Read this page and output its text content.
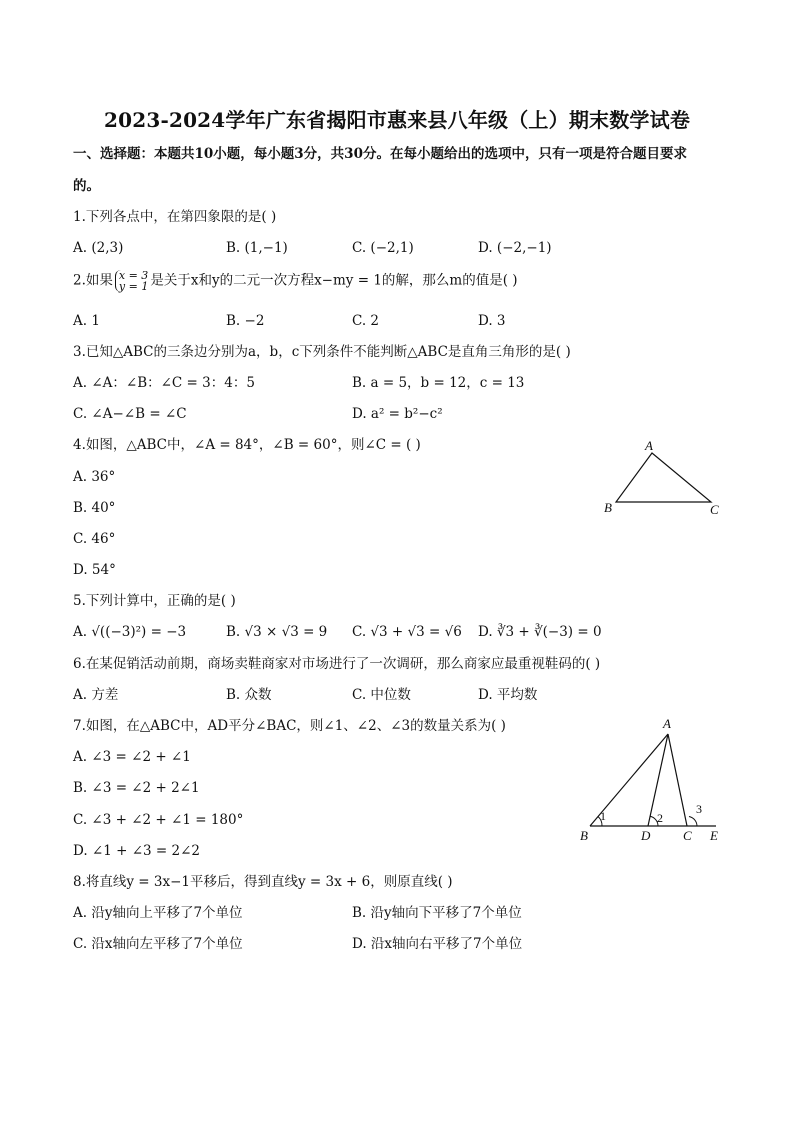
2023-2024学年广东省揭阳市惠来县八年级（上）期末数学试卷
一、选择题：本题共10小题，每小题3分，共30分。在每小题给出的选项中，只有一项是符合题目要求
的。
1.下列各点中，在第四象限的是( )
A. (2,3)	B. (1,−1)	C. (−2,1)	D. (−2,−1)
2.如果 x = 3
y = 1 是关于x和y的二元一次方程x−my = 1的解，那么m的值是( )
A. 1	B. −2	C. 2	D. 3
3.已知△ABC的三条边分别为a，b，c下列条件不能判断△ABC是直角三角形的是( )
A. ∠A：∠B：∠C = 3：4：5	B. a = 5，b = 12，c = 13
C. ∠A−∠B = ∠C	D. a² = b²−c²
4.如图，△ABC中，∠A = 84°，∠B = 60°，则∠C = ( )
A. 36°
B. 40°
C. 46°
D. 54°
A
B	C
5.下列计算中，正确的是( )
A. √((−3)²) = −3	B. √3 × √3 = 9 C. √3 + √3 = √6 D. ∛3 + ∛(−3) = 0
6.在某促销活动前期，商场卖鞋商家对市场进行了一次调研，那么商家应最重视鞋码的( )
A. 方差	B. 众数	C. 中位数	D. 平均数
7.如图，在△ABC中，AD平分∠BAC，则∠1、∠2、∠3的数量关系为( )
A. ∠3 = ∠2 + ∠1
B. ∠3 = ∠2 + 2∠1
C. ∠3 + ∠2 + ∠1 = 180°
D. ∠1 + ∠3 = 2∠2
A
B	D	C E
1	2
3
8.将直线y = 3x−1平移后，得到直线y = 3x + 6，则原直线( )
A. 沿y轴向上平移了7个单位	B. 沿y轴向下平移了7个单位
C. 沿x轴向左平移了7个单位	D. 沿x轴向右平移了7个单位
